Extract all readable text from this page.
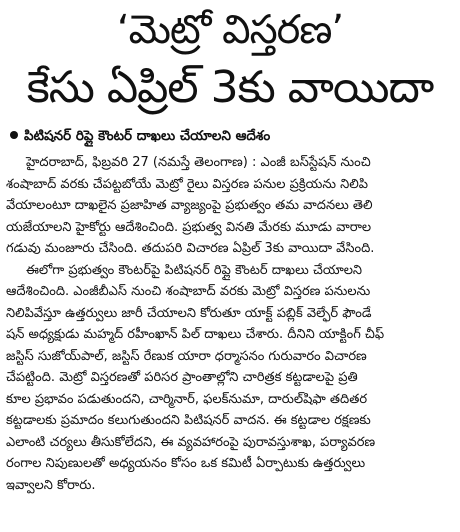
‘మెట్రో విస్తరణ’
కేసు ఏప్రిల్ 3కు వాయిదా
పిటిషనర్ రిప్లై కౌంటర్ దాఖలు చేయాలని ఆదేశం
హైదరాబాద్, ఫిబ్రవరి 27 (నమస్తే తెలంగాణ) : ఎంజీ బస్‌స్టేషన్ నుంచి
శంషాబాద్ వరకు చేపట్టబోయే మెట్రో రైలు విస్తరణ పనుల ప్రక్రియను నిలిపి
వేయాలంటూ దాఖలైన ప్రజాహిత వ్యాజ్యంపై ప్రభుత్వం తమ వాదనలు తెలి
యజేయాలని హైకోర్టు ఆదేశించింది. ప్రభుత్వ వినతి మేరకు మూడు వారాల
గడువు మంజూరు చేసింది. తదుపరి విచారణ ఏప్రిల్ 3కు వాయిదా వేసింది.
ఈలోగా ప్రభుత్వం కౌంటర్‌పై పిటిషనర్ రిప్లై కౌంటర్ దాఖలు చేయాలని
ఆదేశించింది. ఎంజీబీఎస్ నుంచి శంషాబాద్ వరకు మెట్రో విస్తరణ పనులను
నిలిపివేస్తూ ఉత్తర్వులు జారీ చేయాలని కోరుతూ యాక్ట్ పబ్లిక్ వెల్ఫేర్ ఫౌండే
షన్ అధ్యక్షుడు మహ్మద్ రహీంఖాన్ పిల్ దాఖలు చేశారు. దీనిని యాక్టింగ్ చీఫ్
జస్టిస్ సుజోయ్‌పాల్, జస్టిస్ రేణుక యారా ధర్మాసనం గురువారం విచారణ
చేపట్టింది. మెట్రో విస్తరణతో పరిసర ప్రాంతాల్లోని చారిత్రక కట్టడాలపై ప్రతి
కూల ప్రభావం పడుతుందని, చార్మినార్, ఫలక్‌నుమా, దారుల్‌షిఫా తదితర
కట్టడాలకు ప్రమాదం కలుగుతుందని పిటిషనర్ వాదన. ఈ కట్టడాల రక్షణకు
ఎలాంటి చర్యలు తీసుకోలేదని, ఈ వ్యవహారంపై పురావస్తుశాఖ, పర్యావరణ
రంగాల నిపుణులతో అధ్యయనం కోసం ఒక కమిటీ ఏర్పాటుకు ఉత్తర్వులు
ఇవ్వాలని కోరారు.
